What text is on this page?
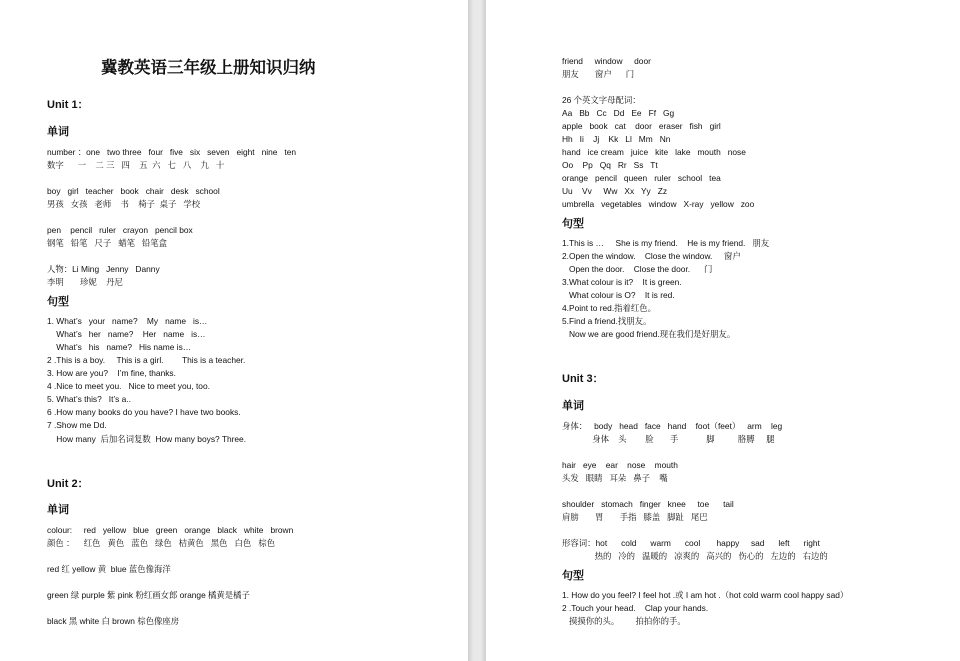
冀教英语三年级上册知识归纳
Unit 1：
单词
number ：one   two three   four   five   six   seven   eight   nine   ten
数字      一    二 三   四    五  六   七   八    九   十
boy   girl   teacher   book   chair   desk   school
男孩   女孩   老师    书    椅子  桌子   学校
pen    pencil   ruler   crayon   pencil box
钢笔   铅笔   尺子   蜡笔   铅笔盒
人物：Li Ming   Jenny   Danny
李明       珍妮    丹尼
句型
1. What’s   your   name?    My   name   is…
What’s   her   name?    Her   name   is…
What’s   his   name?   His name is…
2 .This is a boy.     This is a girl.        This is a teacher.
3. How are you?    I’m fine, thanks.
4 .Nice to meet you.   Nice to meet you, too.
5. What’s this?   It’s a..
6 .How many books do you have? I have two books.
7 .Show me Dd.
How many  后加名词复数  How many boys? Three.
Unit 2：
单词
colour:     red   yellow   blue   green   orange   black   white   brown
颜色 ：    红色   黄色   蓝色   绿色   桔黄色   黑色   白色   棕色
red 红 yellow 黄  blue 蓝色像海洋
green 绿 purple 紫 pink 粉红画女郎 orange 橘黄是橘子
black 黑 white 白 brown 棕色像座房
friend     window     door
朋友       窗户      门
26 个英文字母配词：
Aa   Bb   Cc   Dd   Ee   Ff   Gg
apple   book   cat    door   eraser   fish   girl
Hh   Ii    Jj    Kk   Ll   Mm   Nn
hand   ice cream   juice   kite   lake   mouth   nose
Oo    Pp   Qq   Rr   Ss   Tt
orange   pencil   queen   ruler   school   tea
Uu    Vv     Ww   Xx   Yy   Zz
umbrella   vegetables   window   X-ray   yellow   zoo
句型
1.This is …     She is my friend.    He is my friend.   朋友
2.Open the window.    Close the window.     窗户
Open the door.    Close the door.      门
3.What colour is it?    It is green.
What colour is O?    It is red.
4.Point to red.指着红色。
5.Find a friend.找朋友。
Now we are good friend.现在我们是好朋友。
Unit 3：
单词
身体：   body   head   face   hand    foot（feet）   arm    leg
身体    头        脸       手            脚          胳膊     腿
hair   eye    ear    nose    mouth
头发   眼睛   耳朵   鼻子    嘴
shoulder   stomach   finger   knee     toe      tail
肩膀       胃       手指   膝盖   脚趾   尾巴
形容词：hot      cold      warm      cool       happy     sad      left      right
热的   冷的   温暖的   凉爽的   高兴的   伤心的   左边的   右边的
句型
1. How do you feel? I feel hot .或 I am hot .（hot cold warm cool happy sad）
2 .Touch your head.    Clap your hands.
摸摸你的头。       拍拍你的手。
